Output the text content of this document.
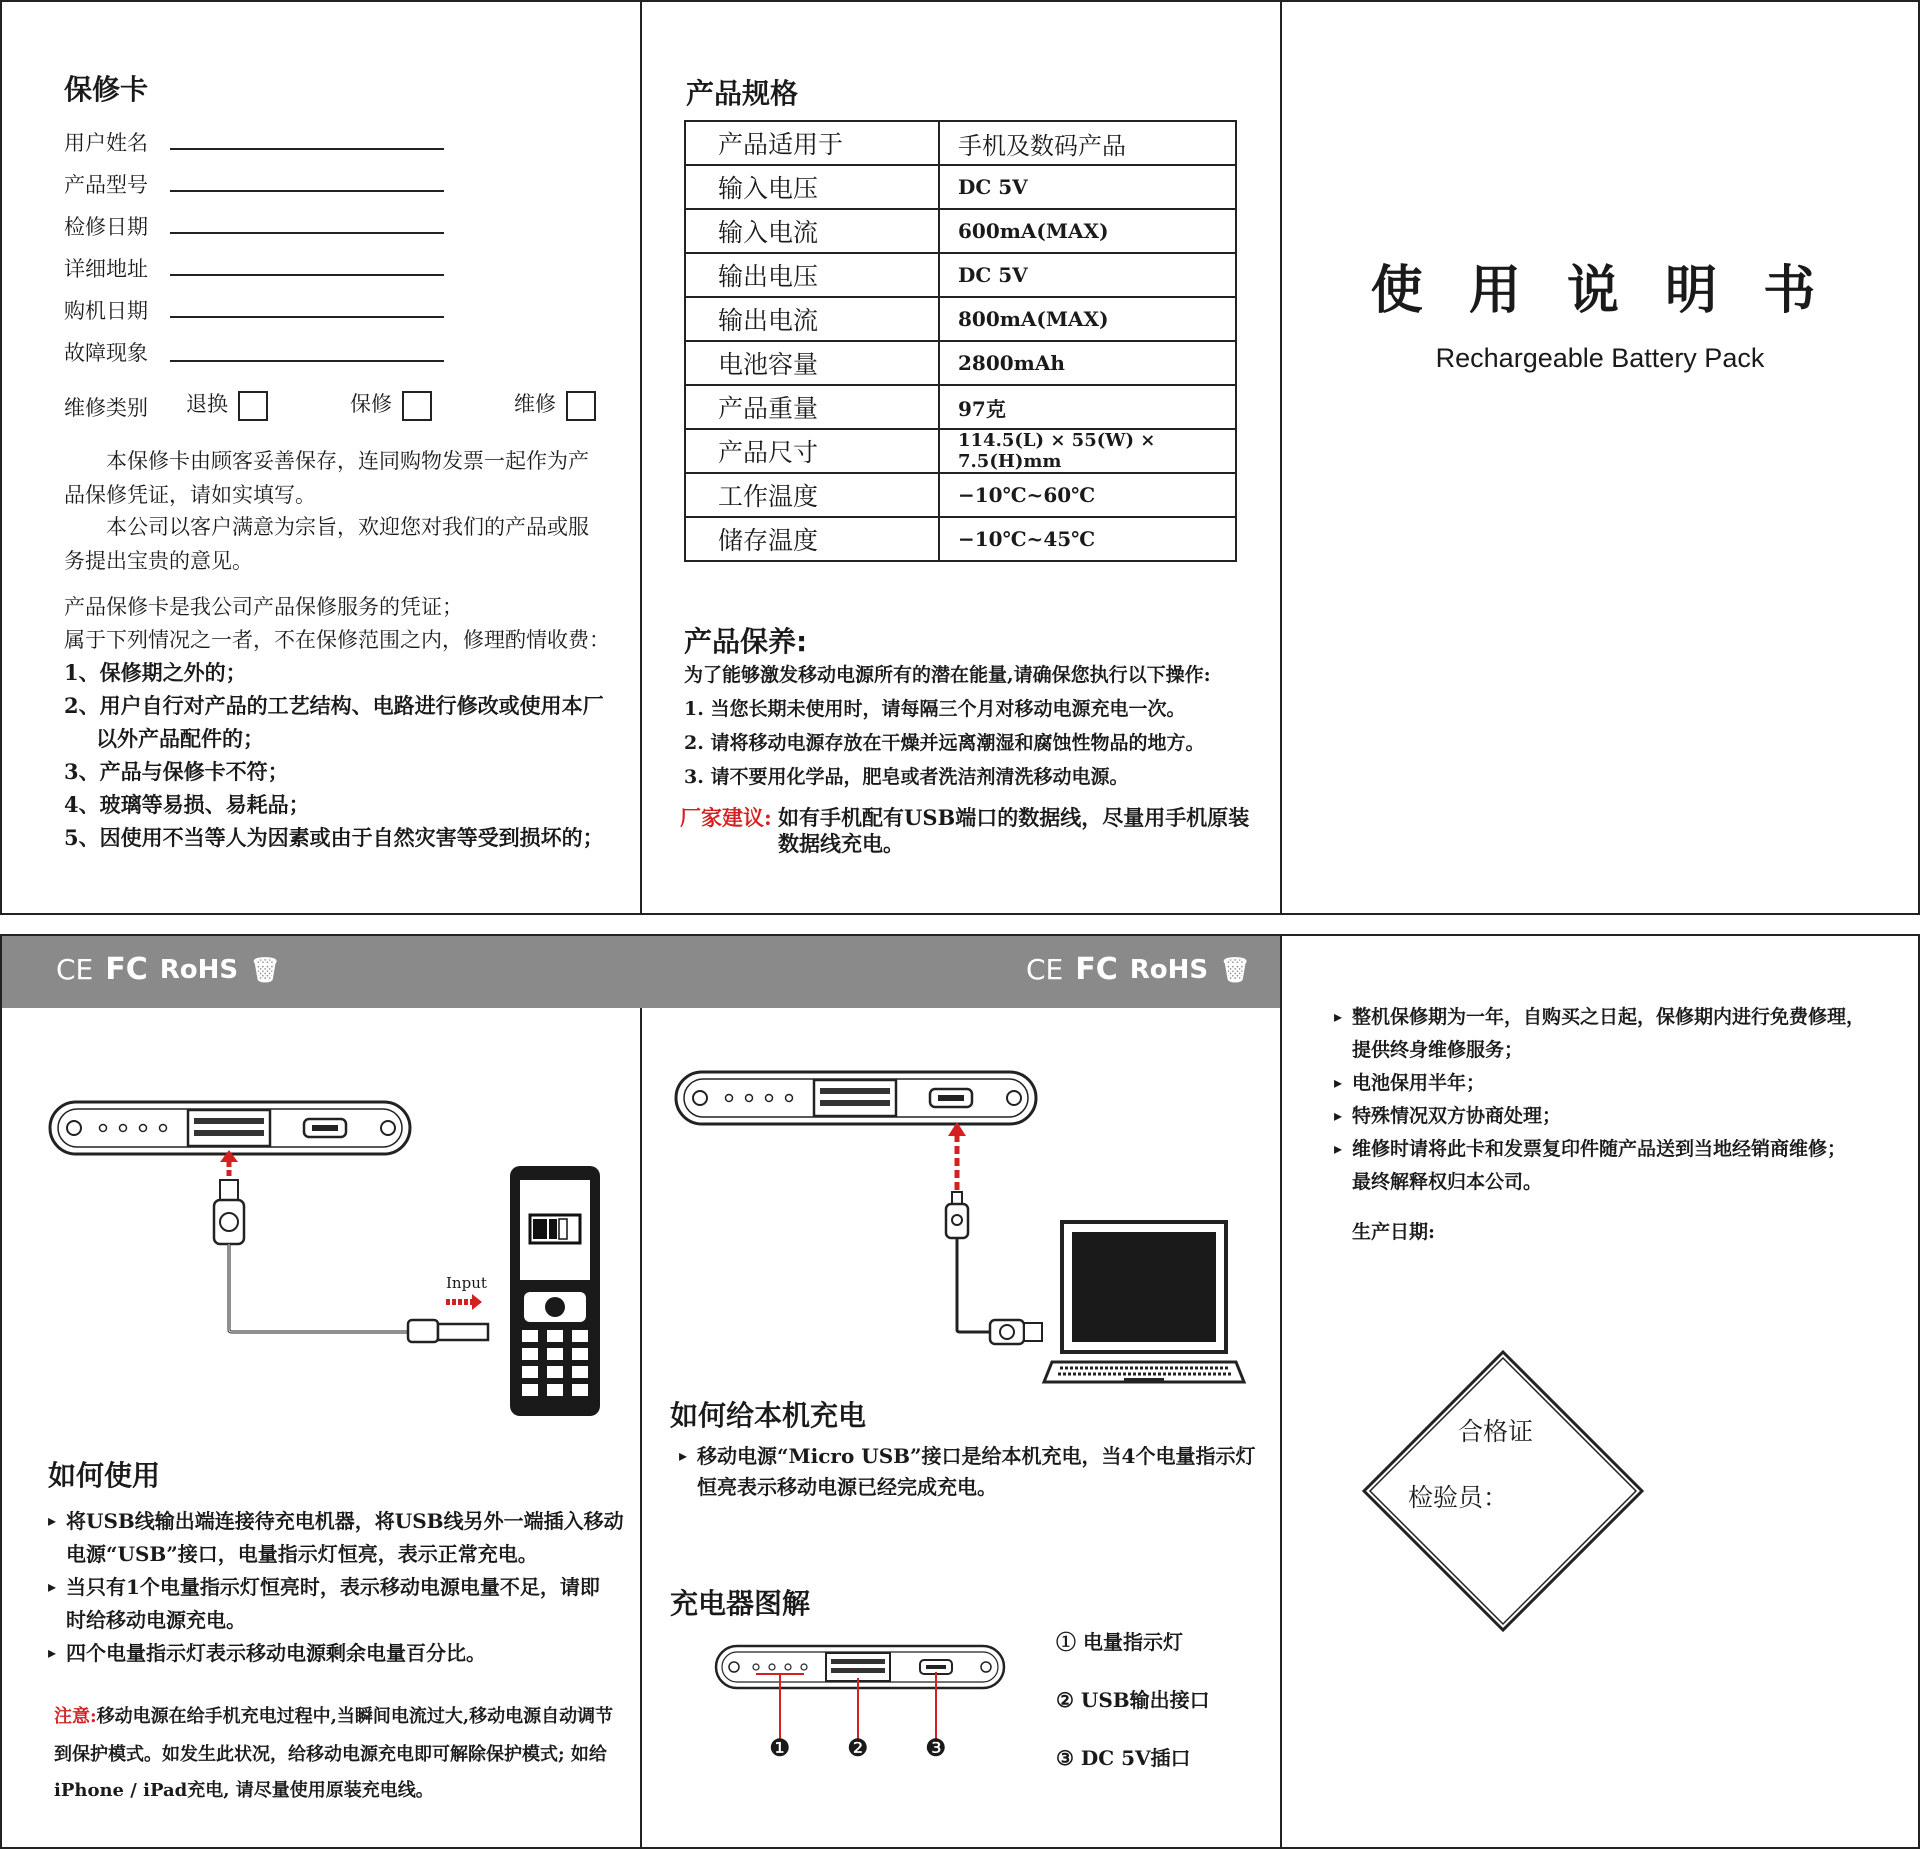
保修卡
用户姓名
产品型号
检修日期
详细地址
购机日期
故障现象
维修类别 退换	保修	维修
本保修卡由顾客妥善保存，连同购物发票一起作为产品保修凭证，请如实填写。
本公司以客户满意为宗旨，欢迎您对我们的产品或服务提出宝贵的意见。
产品保修卡是我公司产品保修服务的凭证；
属于下列情况之一者，不在保修范围之内，修理酌情收费：
1、保修期之外的；
2、用户自行对产品的工艺结构、电路进行修改或使用本厂
以外产品配件的；
3、产品与保修卡不符；
4、玻璃等易损、易耗品；
5、因使用不当等人为因素或由于自然灾害等受到损坏的；
产品规格
产品适用于	手机及数码产品
输入电压	DC 5V
输入电流	600mA(MAX)
输出电压	DC 5V
输出电流	800mA(MAX)
电池容量	2800mAh
产品重量	97克
产品尺寸	114.5(L) × 55(W) × 7.5(H)mm
工作温度	−10℃~60℃
储存温度	−10℃~45℃
产品保养:
为了能够激发移动电源所有的潜在能量,请确保您执行以下操作:
1. 当您长期未使用时，请每隔三个月对移动电源充电一次。
2. 请将移动电源存放在干燥并远离潮湿和腐蚀性物品的地方。
3. 请不要用化学品，肥皂或者洗洁剂清洗移动电源。
厂家建议: 如有手机配有USB端口的数据线，尽量用手机原装
数据线充电。
使 用 说 明 书
Rechargeable Battery Pack
CE FC RoHS 🗑	CE FC RoHS 🗑
Input
如何使用
▸ 将USB线输出端连接待充电机器，将USB线另外一端插入移动
电源“USB”接口，电量指示灯恒亮，表示正常充电。
▸ 当只有1个电量指示灯恒亮时，表示移动电源电量不足，请即
时给移动电源充电。
▸ 四个电量指示灯表示移动电源剩余电量百分比。
注意:移动电源在给手机充电过程中,当瞬间电流过大,移动电源自动调节
到保护模式。如发生此状况，给移动电源充电即可解除保护模式; 如给
iPhone / iPad充电, 请尽量使用原装充电线。
如何给本机充电
▸ 移动电源“Micro USB”接口是给本机充电，当4个电量指示灯
恒亮表示移动电源已经完成充电。
充电器图解
❶ ❷ ❸
① 电量指示灯
② USB输出接口
③ DC 5V插口
▸ 整机保修期为一年，自购买之日起，保修期内进行免费修理，
提供终身维修服务；
▸ 电池保用半年；
▸ 特殊情况双方协商处理；
▸ 维修时请将此卡和发票复印件随产品送到当地经销商维修；
最终解释权归本公司。
生产日期:
合格证
检验员：
